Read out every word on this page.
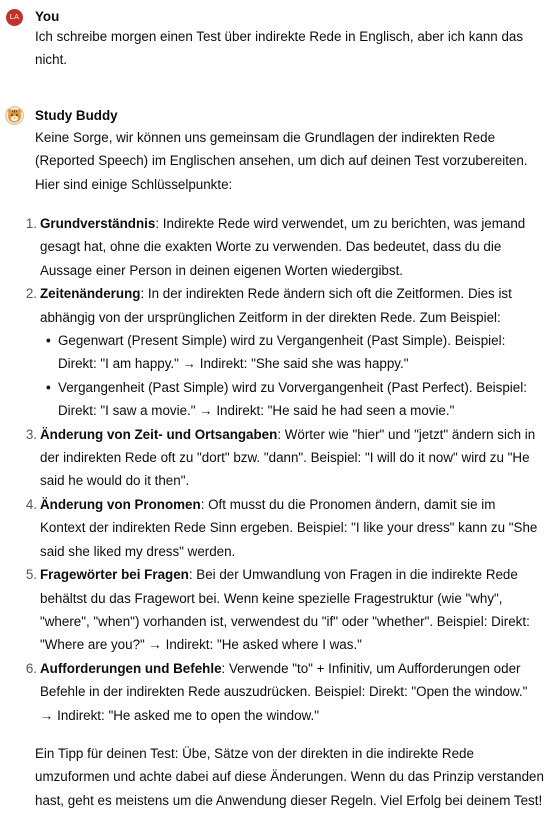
LA You
Ich schreibe morgen einen Test über indirekte Rede in Englisch, aber ich kann das nicht.
Study Buddy
Keine Sorge, wir können uns gemeinsam die Grundlagen der indirekten Rede (Reported Speech) im Englischen ansehen, um dich auf deinen Test vorzubereiten. Hier sind einige Schlüsselpunkte:
1. Grundverständnis: Indirekte Rede wird verwendet, um zu berichten, was jemand gesagt hat, ohne die exakten Worte zu verwenden. Das bedeutet, dass du die Aussage einer Person in deinen eigenen Worten wiedergibst.
2. Zeitenänderung: In der indirekten Rede ändern sich oft die Zeitformen. Dies ist abhängig von der ursprünglichen Zeitform in der direkten Rede. Zum Beispiel:
• Gegenwart (Present Simple) wird zu Vergangenheit (Past Simple). Beispiel: Direkt: "I am happy." → Indirekt: "She said she was happy."
• Vergangenheit (Past Simple) wird zu Vorvergangenheit (Past Perfect). Beispiel: Direkt: "I saw a movie." → Indirekt: "He said he had seen a movie."
3. Änderung von Zeit- und Ortsangaben: Wörter wie "hier" und "jetzt" ändern sich in der indirekten Rede oft zu "dort" bzw. "dann". Beispiel: "I will do it now" wird zu "He said he would do it then".
4. Änderung von Pronomen: Oft musst du die Pronomen ändern, damit sie im Kontext der indirekten Rede Sinn ergeben. Beispiel: "I like your dress" kann zu "She said she liked my dress" werden.
5. Fragewörter bei Fragen: Bei der Umwandlung von Fragen in die indirekte Rede behältst du das Fragewort bei. Wenn keine spezielle Fragestruktur (wie "why", "where", "when") vorhanden ist, verwendest du "if" oder "whether". Beispiel: Direkt: "Where are you?" → Indirekt: "He asked where I was."
6. Aufforderungen und Befehle: Verwende "to" + Infinitiv, um Aufforderungen oder Befehle in der indirekten Rede auszudrücken. Beispiel: Direkt: "Open the window." → Indirekt: "He asked me to open the window."
Ein Tipp für deinen Test: Übe, Sätze von der direkten in die indirekte Rede umzuformen und achte dabei auf diese Änderungen. Wenn du das Prinzip verstanden hast, geht es meistens um die Anwendung dieser Regeln. Viel Erfolg bei deinem Test!
